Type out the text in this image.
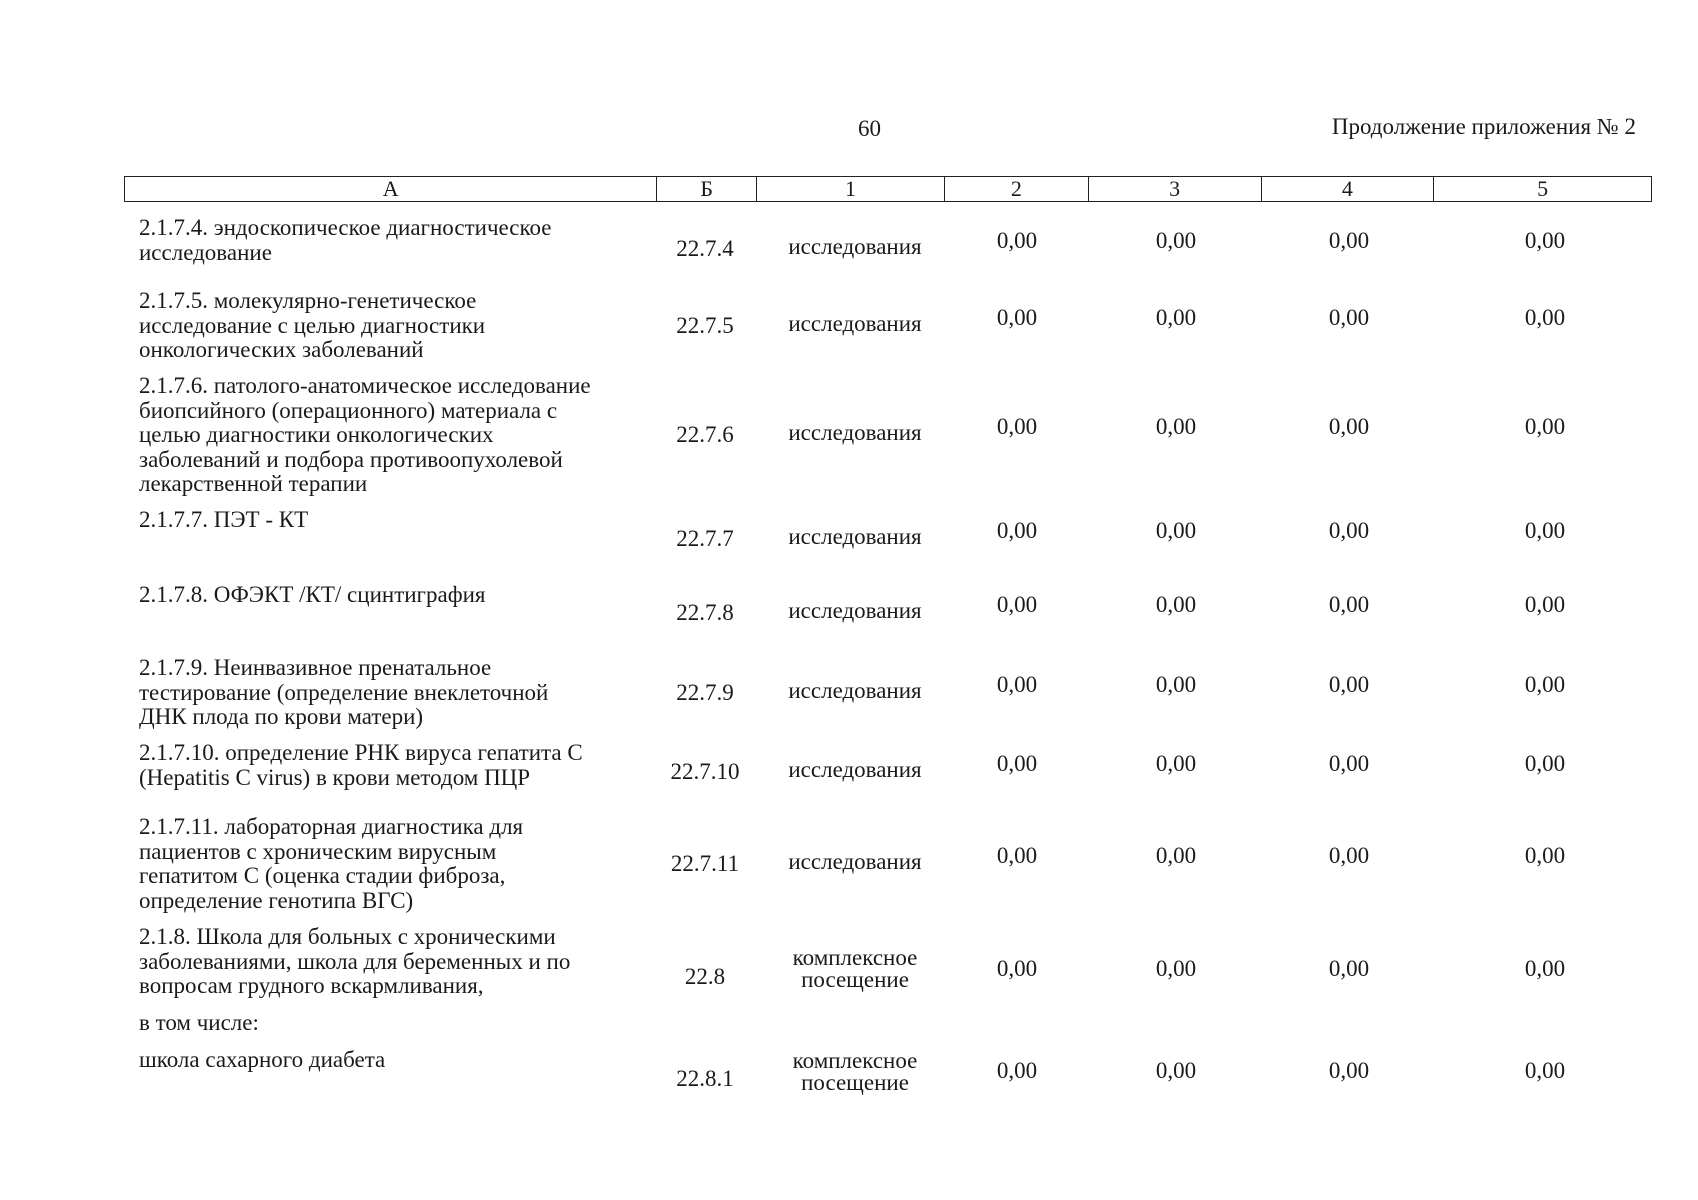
60	Продолжение приложения № 2
А	Б	1	2	3	4	5
2.1.7.4. эндоскопическое диагностическое
исследование	22.7.4	исследования	0,00	0,00	0,00	0,00
2.1.7.5. молекулярно-генетическое
исследование с целью диагностики
онкологических заболеваний
22.7.5	исследования	0,00	0,00	0,00	0,00
2.1.7.6. патолого-анатомическое исследование
биопсийного (операционного) материала с
целью диагностики онкологических
заболеваний и подбора противоопухолевой
лекарственной терапии
22.7.6	исследования	0,00	0,00	0,00	0,00
2.1.7.7. ПЭТ - КТ
22.7.7	исследования	0,00	0,00	0,00	0,00
2.1.7.8. ОФЭКТ /КТ/ сцинтиграфия
22.7.8	исследования	0,00	0,00	0,00	0,00
2.1.7.9. Неинвазивное пренатальное
тестирование (определение внеклеточной
ДНК плода по крови матери)
22.7.9	исследования	0,00	0,00	0,00	0,00
2.1.7.10. определение РНК вируса гепатита С
(Hepatitis C virus) в крови методом ПЦР	22.7.10	исследования	0,00	0,00	0,00	0,00
2.1.7.11. лабораторная диагностика для
пациентов с хроническим вирусным
гепатитом С (оценка стадии фиброза,
определение генотипа ВГС)
22.7.11	исследования	0,00	0,00	0,00	0,00
2.1.8. Школа для больных с хроническими
заболеваниями, школа для беременных и по
вопросам грудного вскармливания,	22.8
комплексное
посещение	0,00	0,00	0,00	0,00
в том числе:
школа сахарного диабета
22.8.1
комплексное
посещение	0,00	0,00	0,00	0,00
